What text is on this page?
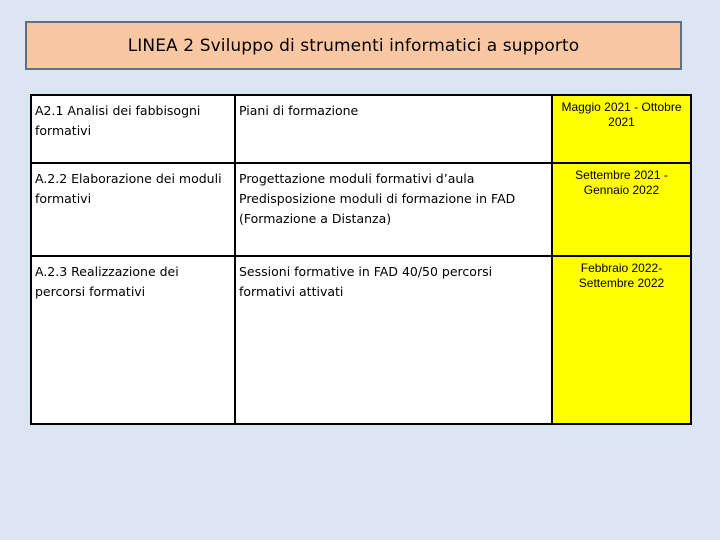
LINEA 2 Sviluppo di strumenti informatici a supporto
A2.1 Analisi dei fabbisogni formativi	Piani di formazione	Maggio 2021 - Ottobre 2021
A.2.2 Elaborazione dei moduli formativi	Progettazione moduli formativi d’aula Predisposizione moduli di formazione in FAD (Formazione a Distanza)	Settembre 2021 - Gennaio 2022
A.2.3 Realizzazione dei percorsi formativi	Sessioni formative in FAD 40/50 percorsi formativi attivati	Febbraio 2022- Settembre 2022
